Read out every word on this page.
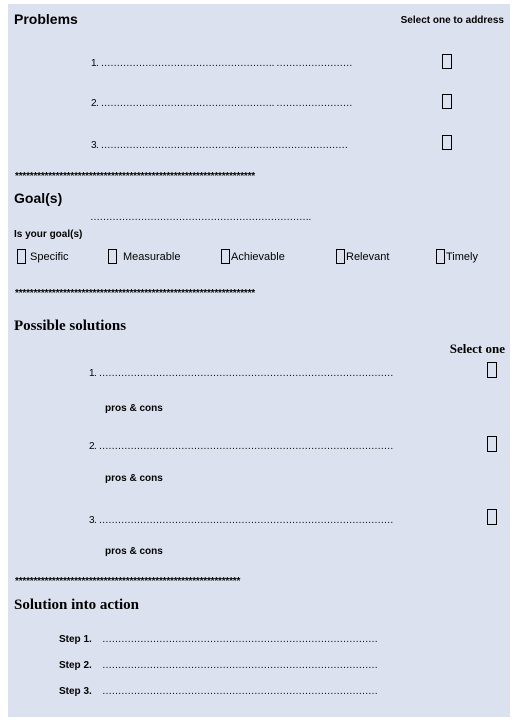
Problems	Select one to address
1. ………………………………………………. ……………………
2. ………………………………………………. ……………………
3. ……………………………………………………………………
*****************************************************************
Goal(s)
…………………………………………………………….
Is your goal(s)
Specific	Measurable	Achievable	Relevant	Timely
*****************************************************************
Possible solutions
Select one
1. …………………………………………………………………………………
pros & cons
2. …………………………………………………………………………………
pros & cons
3. …………………………………………………………………………………
pros & cons
*************************************************************
Solution into action
Step 1. ……………………………………………………………………………
Step 2. ……………………………………………………………………………
Step 3. ……………………………………………………………………………
